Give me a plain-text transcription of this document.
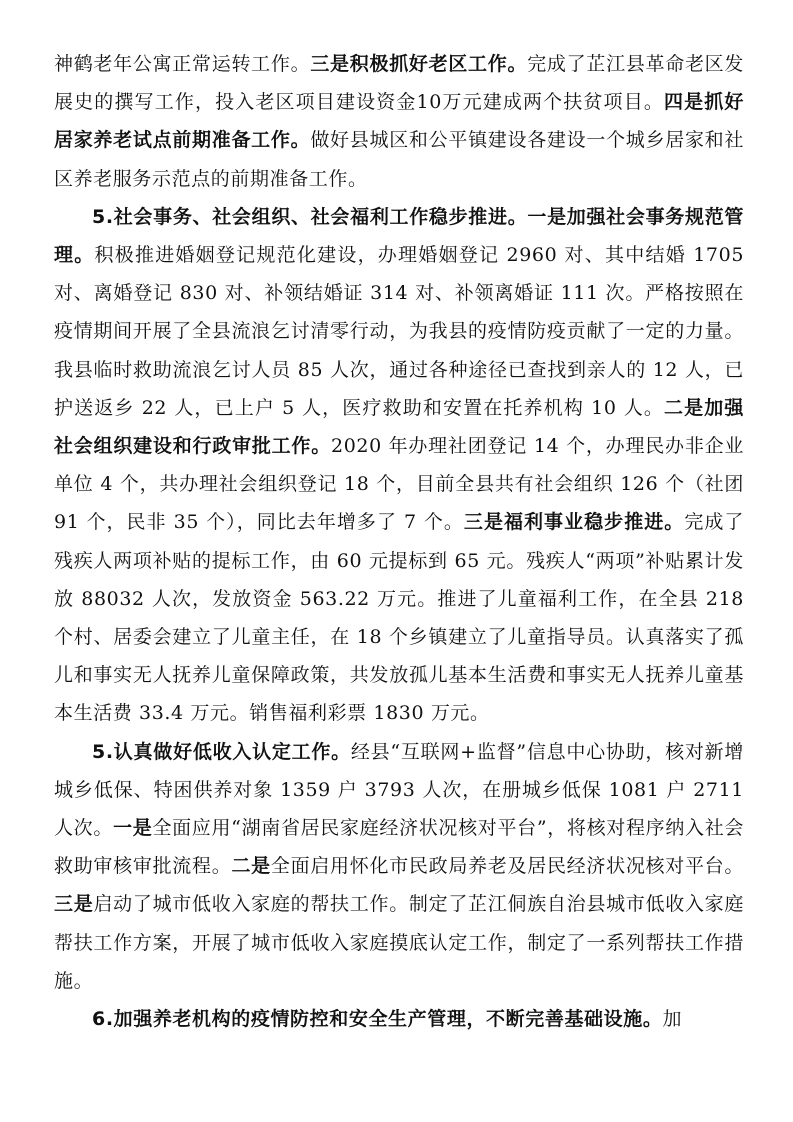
神鹤老年公寓正常运转工作。三是积极抓好老区工作。完成了芷江县革命老区发展史的撰写工作，投入老区项目建设资金10万元建成两个扶贫项目。四是抓好居家养老试点前期准备工作。做好县城区和公平镇建设各建设一个城乡居家和社区养老服务示范点的前期准备工作。

5.社会事务、社会组织、社会福利工作稳步推进。一是加强社会事务规范管理。积极推进婚姻登记规范化建设，办理婚姻登记 2960 对、其中结婚 1705 对、离婚登记 830 对、补领结婚证 314 对、补领离婚证 111 次。严格按照在疫情期间开展了全县流浪乞讨清零行动，为我县的疫情防疫贡献了一定的力量。我县临时救助流浪乞讨人员 85 人次，通过各种途径已查找到亲人的 12 人，已护送返乡 22 人，已上户 5 人，医疗救助和安置在托养机构 10 人。二是加强社会组织建设和行政审批工作。2020 年办理社团登记 14 个，办理民办非企业单位 4 个，共办理社会组织登记 18 个，目前全县共有社会组织 126 个（社团 91 个，民非 35 个），同比去年增多了 7 个。三是福利事业稳步推进。完成了残疾人两项补贴的提标工作，由 60 元提标到 65 元。残疾人“两项”补贴累计发放 88032 人次，发放资金 563.22 万元。推进了儿童福利工作，在全县 218 个村、居委会建立了儿童主任，在 18 个乡镇建立了儿童指导员。认真落实了孤儿和事实无人抚养儿童保障政策，共发放孤儿基本生活费和事实无人抚养儿童基本生活费 33.4 万元。销售福利彩票 1830 万元。

5.认真做好低收入认定工作。经县“互联网+监督”信息中心协助，核对新增城乡低保、特困供养对象 1359 户 3793 人次，在册城乡低保 1081 户 2711 人次。一是全面应用“湖南省居民家庭经济状况核对平台”，将核对程序纳入社会救助审核审批流程。二是全面启用怀化市民政局养老及居民经济状况核对平台。三是启动了城市低收入家庭的帮扶工作。制定了芷江侗族自治县城市低收入家庭帮扶工作方案，开展了城市低收入家庭摸底认定工作，制定了一系列帮扶工作措施。

6.加强养老机构的疫情防控和安全生产管理，不断完善基础设施。加
